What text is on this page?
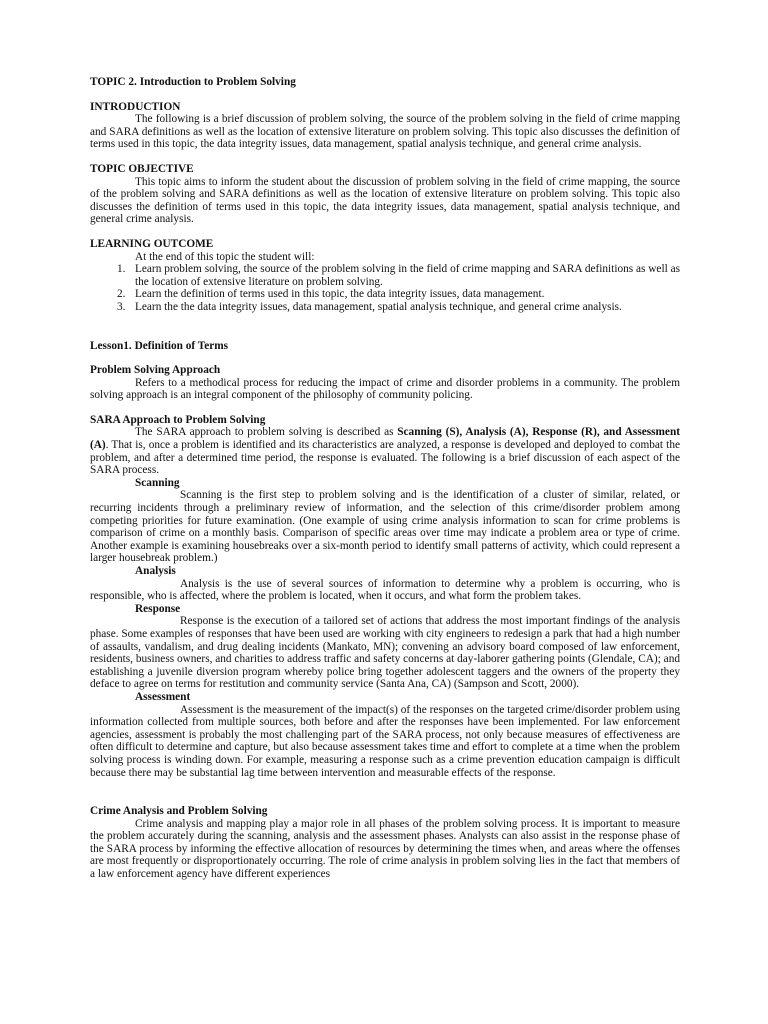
TOPIC 2. Introduction to Problem Solving

INTRODUCTION

The following is a brief discussion of problem solving, the source of the problem solving in the field of crime mapping and SARA definitions as well as the location of extensive literature on problem solving. This topic also discusses the definition of terms used in this topic, the data integrity issues, data management, spatial analysis technique, and general crime analysis.

TOPIC OBJECTIVE

This topic aims to inform the student about the discussion of problem solving in the field of crime mapping, the source of the problem solving and SARA definitions as well as the location of extensive literature on problem solving. This topic also discusses the definition of terms used in this topic, the data integrity issues, data management, spatial analysis technique, and general crime analysis.

LEARNING OUTCOME

At the end of this topic the student will:

1. Learn problem solving, the source of the problem solving in the field of crime mapping and SARA definitions as well as the location of extensive literature on problem solving.
2. Learn the definition of terms used in this topic, the data integrity issues, data management.
3. Learn the the data integrity issues, data management, spatial analysis technique, and general crime analysis.

Lesson1. Definition of Terms

Problem Solving Approach

Refers to a methodical process for reducing the impact of crime and disorder problems in a community. The problem solving approach is an integral component of the philosophy of community policing.

SARA Approach to Problem Solving

The SARA approach to problem solving is described as Scanning (S), Analysis (A), Response (R), and Assessment (A). That is, once a problem is identified and its characteristics are analyzed, a response is developed and deployed to combat the problem, and after a determined time period, the response is evaluated. The following is a brief discussion of each aspect of the SARA process.

Scanning

Scanning is the first step to problem solving and is the identification of a cluster of similar, related, or recurring incidents through a preliminary review of information, and the selection of this crime/disorder problem among competing priorities for future examination. (One example of using crime analysis information to scan for crime problems is comparison of crime on a monthly basis. Comparison of specific areas over time may indicate a problem area or type of crime. Another example is examining housebreaks over a six-month period to identify small patterns of activity, which could represent a larger housebreak problem.)

Analysis

Analysis is the use of several sources of information to determine why a problem is occurring, who is responsible, who is affected, where the problem is located, when it occurs, and what form the problem takes.

Response

Response is the execution of a tailored set of actions that address the most important findings of the analysis phase. Some examples of responses that have been used are working with city engineers to redesign a park that had a high number of assaults, vandalism, and drug dealing incidents (Mankato, MN); convening an advisory board composed of law enforcement, residents, business owners, and charities to address traffic and safety concerns at day-laborer gathering points (Glendale, CA); and establishing a juvenile diversion program whereby police bring together adolescent taggers and the owners of the property they deface to agree on terms for restitution and community service (Santa Ana, CA) (Sampson and Scott, 2000).

Assessment

Assessment is the measurement of the impact(s) of the responses on the targeted crime/disorder problem using information collected from multiple sources, both before and after the responses have been implemented. For law enforcement agencies, assessment is probably the most challenging part of the SARA process, not only because measures of effectiveness are often difficult to determine and capture, but also because assessment takes time and effort to complete at a time when the problem solving process is winding down. For example, measuring a response such as a crime prevention education campaign is difficult because there may be substantial lag time between intervention and measurable effects of the response.

Crime Analysis and Problem Solving

Crime analysis and mapping play a major role in all phases of the problem solving process. It is important to measure the problem accurately during the scanning, analysis and the assessment phases. Analysts can also assist in the response phase of the SARA process by informing the effective allocation of resources by determining the times when, and areas where the offenses are most frequently or disproportionately occurring. The role of crime analysis in problem solving lies in the fact that members of a law enforcement agency have different experiences
